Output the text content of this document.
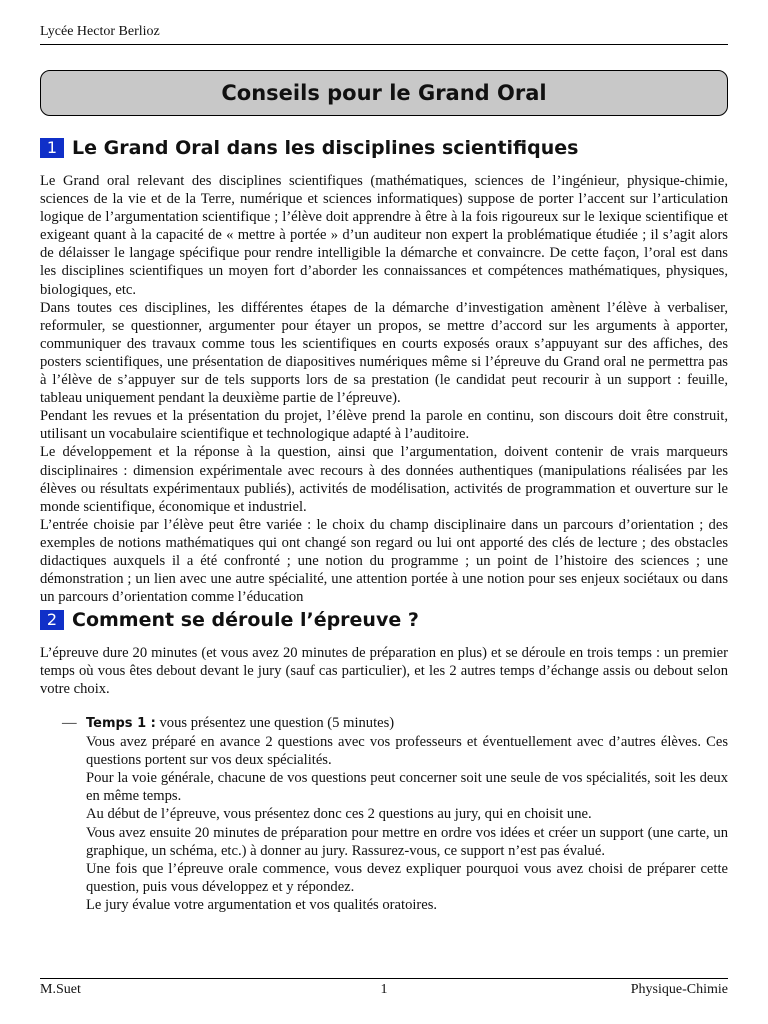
Lycée Hector Berlioz
Conseils pour le Grand Oral
1 Le Grand Oral dans les disciplines scientifiques

Le Grand oral relevant des disciplines scientifiques (mathématiques, sciences de l’ingénieur, physique-chimie, sciences de la vie et de la Terre, numérique et sciences informatiques) suppose de porter l’accent sur l’articulation logique de l’argumentation scientifique ; l’élève doit apprendre à être à la fois rigoureux sur le lexique scientifique et exigeant quant à la capacité de « mettre à portée » d’un auditeur non expert la problématique étudiée ; il s’agit alors de délaisser le langage spécifique pour rendre intelligible la démarche et convaincre. De cette façon, l’oral est dans les disciplines scientifiques un moyen fort d’aborder les connaissances et compétences mathématiques, physiques, biologiques, etc.

Dans toutes ces disciplines, les différentes étapes de la démarche d’investigation amènent l’élève à verbaliser, reformuler, se questionner, argumenter pour étayer un propos, se mettre d’accord sur les arguments à apporter, communiquer des travaux comme tous les scientifiques en courts exposés oraux s’appuyant sur des affiches, des posters scientifiques, une présentation de diapositives numériques même si l’épreuve du Grand oral ne permettra pas à l’élève de s’appuyer sur de tels supports lors de sa prestation (le candidat peut recourir à un support : feuille, tableau uniquement pendant la deuxième partie de l’épreuve).

Pendant les revues et la présentation du projet, l’élève prend la parole en continu, son discours doit être construit, utilisant un vocabulaire scientifique et technologique adapté à l’auditoire.

Le développement et la réponse à la question, ainsi que l’argumentation, doivent contenir de vrais marqueurs disciplinaires : dimension expérimentale avec recours à des données authentiques (manipulations réalisées par les élèves ou résultats expérimentaux publiés), activités de modélisation, activités de programmation et ouverture sur le monde scientifique, économique et industriel.

L’entrée choisie par l’élève peut être variée : le choix du champ disciplinaire dans un parcours d’orientation ; des exemples de notions mathématiques qui ont changé son regard ou lui ont apporté des clés de lecture ; des obstacles didactiques auxquels il a été confronté ; une notion du programme ; un point de l’histoire des sciences ; une démonstration ; un lien avec une autre spécialité, une attention portée à une notion pour ses enjeux sociétaux ou dans un parcours d’orientation comme l’éducation

2 Comment se déroule l’épreuve ?

L’épreuve dure 20 minutes (et vous avez 20 minutes de préparation en plus) et se déroule en trois temps : un premier temps où vous êtes debout devant le jury (sauf cas particulier), et les 2 autres temps d’échange assis ou debout selon votre choix.

— Temps 1 : vous présentez une question (5 minutes)
Vous avez préparé en avance 2 questions avec vos professeurs et éventuellement avec d’autres élèves. Ces questions portent sur vos deux spécialités.
Pour la voie générale, chacune de vos questions peut concerner soit une seule de vos spécialités, soit les deux en même temps.
Au début de l’épreuve, vous présentez donc ces 2 questions au jury, qui en choisit une.
Vous avez ensuite 20 minutes de préparation pour mettre en ordre vos idées et créer un support (une carte, un graphique, un schéma, etc.) à donner au jury. Rassurez-vous, ce support n’est pas évalué.
Une fois que l’épreuve orale commence, vous devez expliquer pourquoi vous avez choisi de préparer cette question, puis vous développez et y répondez.
Le jury évalue votre argumentation et vos qualités oratoires.
M.Suet	1	Physique-Chimie
